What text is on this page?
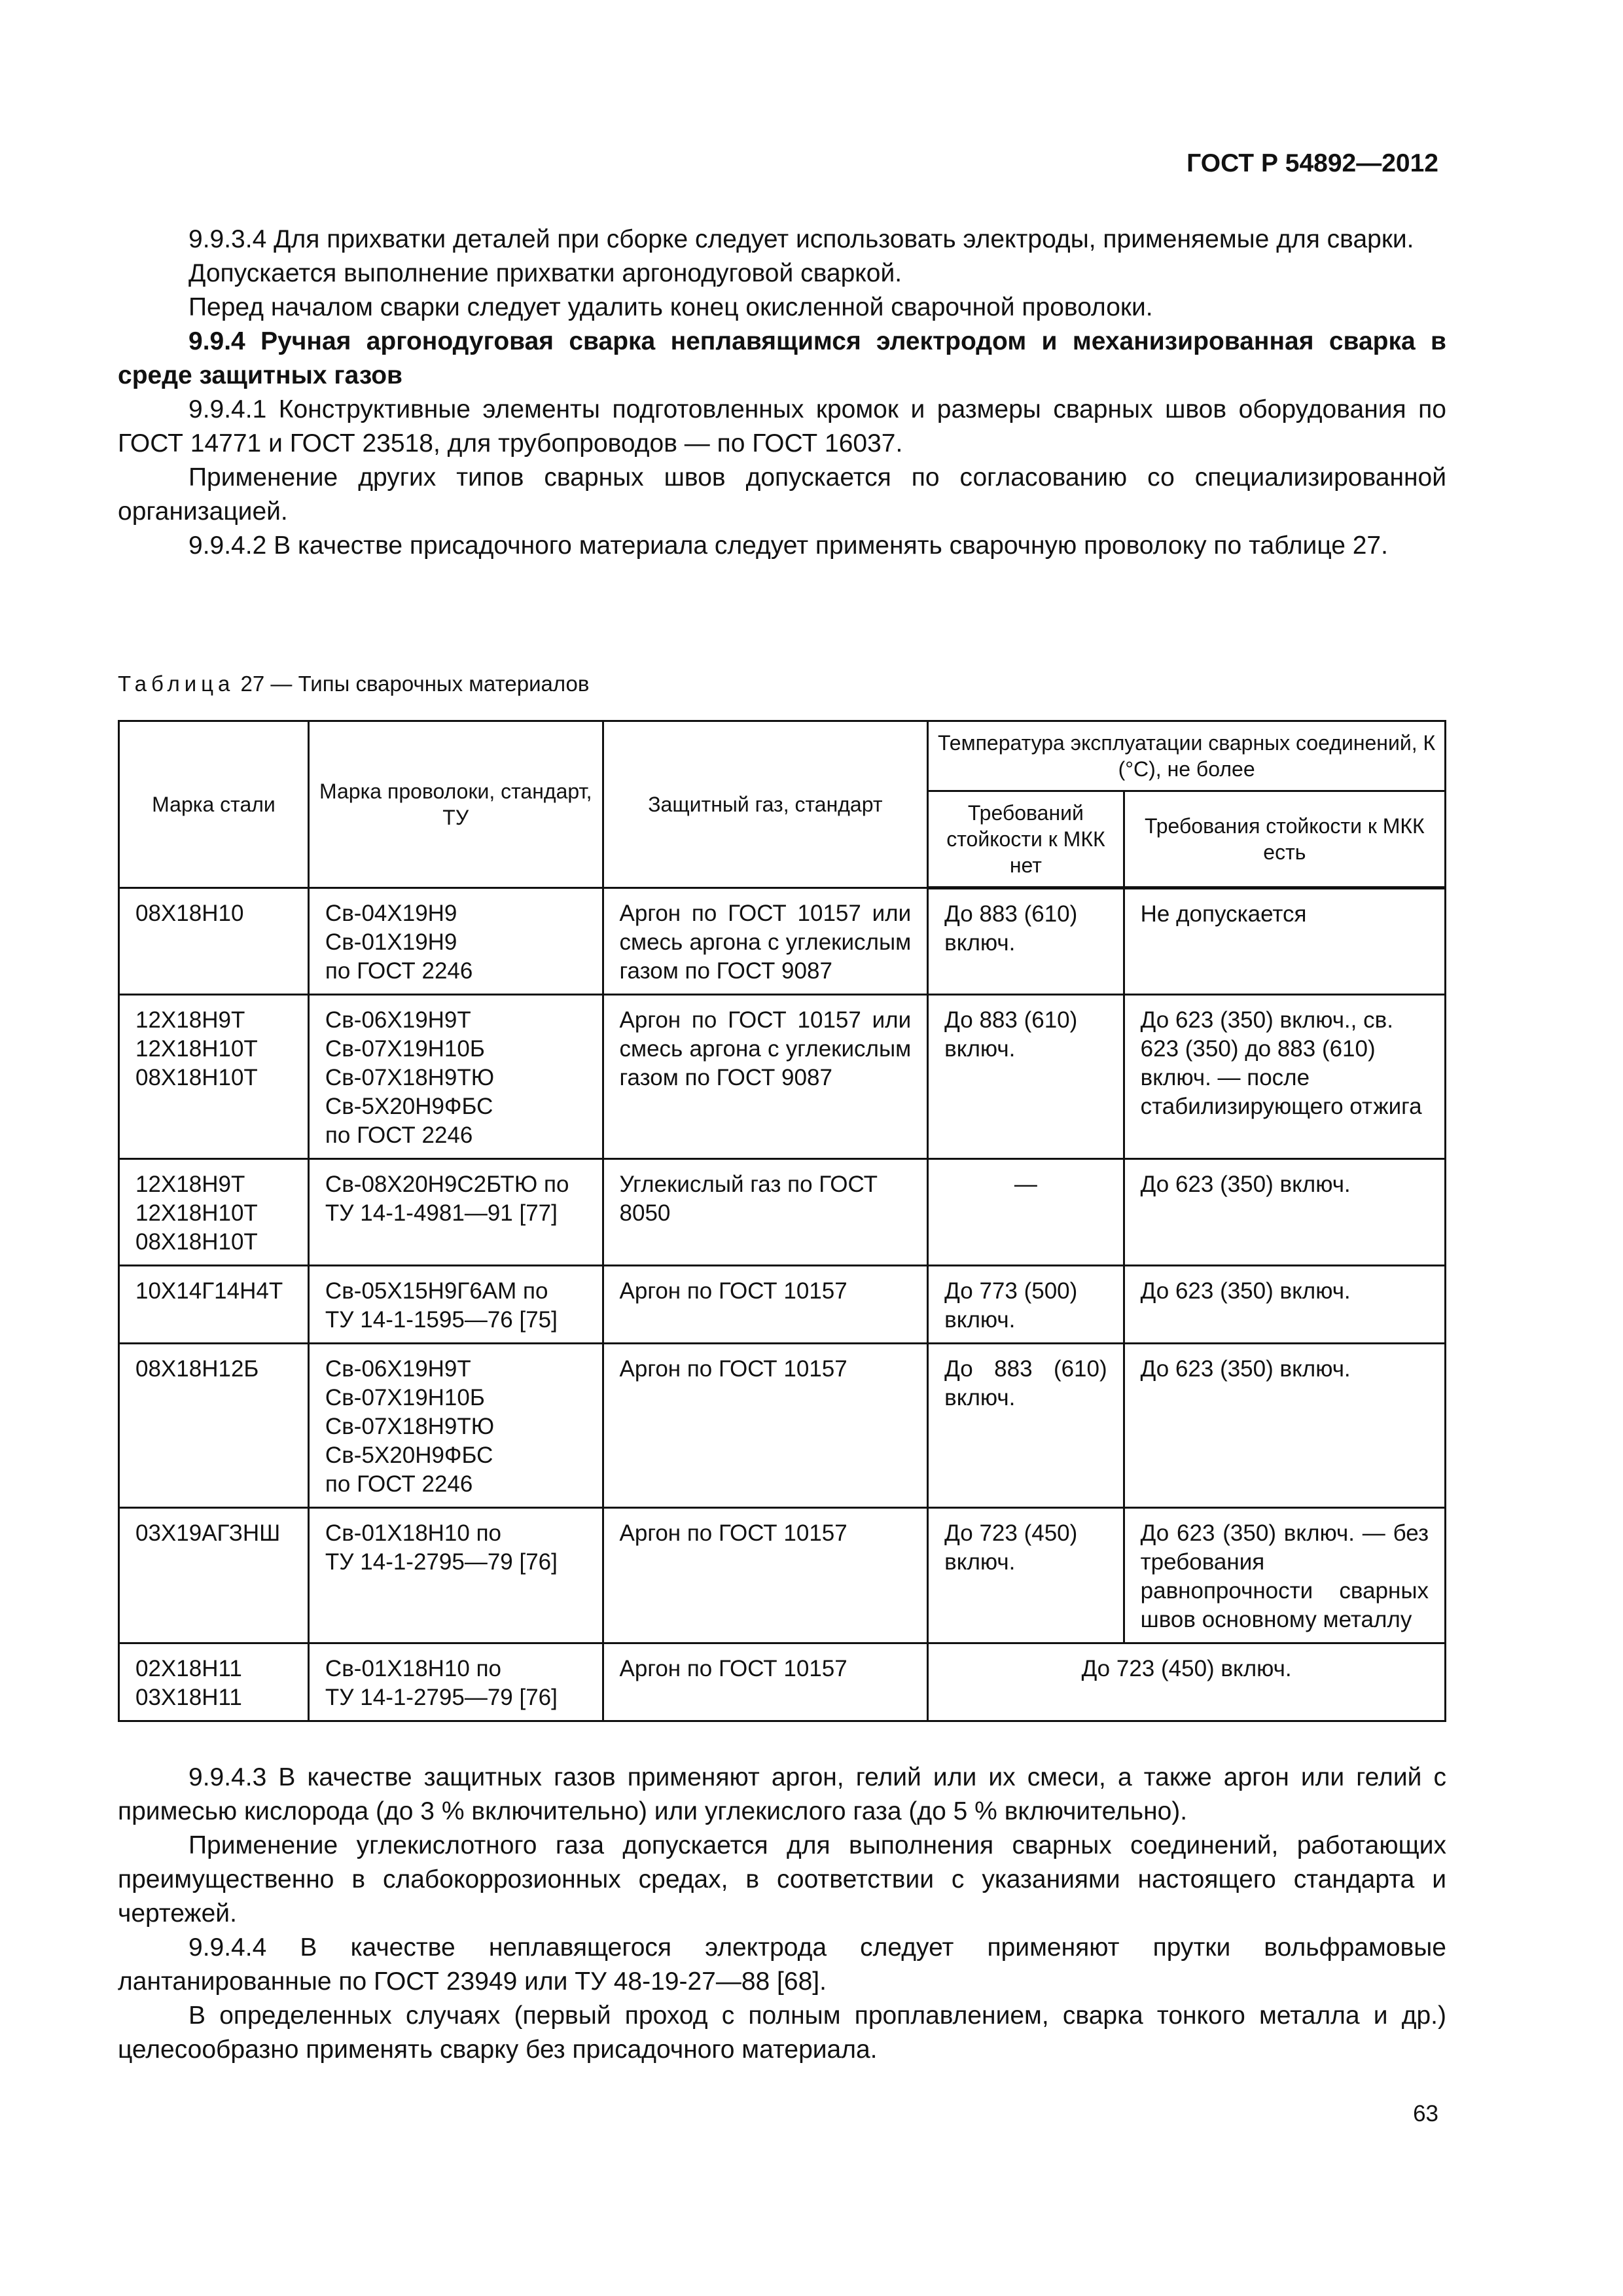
ГОСТ Р 54892—2012

9.9.3.4 Для прихватки деталей при сборке следует использовать электроды, применяемые для сварки.

Допускается выполнение прихватки аргонодуговой сваркой.

Перед началом сварки следует удалить конец окисленной сварочной проволоки.

9.9.4 Ручная аргонодуговая сварка неплавящимся электродом и механизированная сварка в среде защитных газов

9.9.4.1 Конструктивные элементы подготовленных кромок и размеры сварных швов оборудования по ГОСТ 14771 и ГОСТ 23518, для трубопроводов — по ГОСТ 16037.

Применение других типов сварных швов допускается по согласованию со специализированной организацией.

9.9.4.2 В качестве присадочного материала следует применять сварочную проволоку по таблице 27.

Таблица 27 — Типы сварочных материалов
Марка стали	Марка проволоки, стандарт, ТУ	Защитный газ, стандарт	Температура эксплуатации сварных соединений, К (°С), не более	
			Требований стойкости к МКК нет	Требования стойкости к МКК есть

08Х18Н10	Св-04Х19Н9
Св-01Х19Н9
по ГОСТ 2246	Аргон по ГОСТ 10157 или смесь аргона с углекислым газом по ГОСТ 9087	До 883 (610) включ.	Не допускается

12Х18Н9Т
12Х18Н10Т
08Х18Н10Т	Св-06Х19Н9Т
Св-07Х19Н10Б
Св-07Х18Н9ТЮ
Св-5Х20Н9ФБС
по ГОСТ 2246	Аргон по ГОСТ 10157 или смесь аргона с углекислым газом по ГОСТ 9087	До 883 (610) включ.	До 623 (350) включ., св. 623 (350) до 883 (610) включ. — после стабилизирующего отжига

12Х18Н9Т
12Х18Н10Т
08Х18Н10Т	Св-08Х20Н9С2БТЮ по
ТУ 14-1-4981—91 [77]	Углекислый газ по ГОСТ 8050	—	До 623 (350) включ.

10Х14Г14Н4Т	Св-05Х15Н9Г6АМ по
ТУ 14-1-1595—76 [75]	Аргон по ГОСТ 10157	До 773 (500) включ.	До 623 (350) включ.

08Х18Н12Б	Св-06Х19Н9Т
Св-07Х19Н10Б
Св-07Х18Н9ТЮ
Св-5Х20Н9ФБС
по ГОСТ 2246	Аргон по ГОСТ 10157	До 883 (610) включ.	До 623 (350) включ.

03Х19АГЗНШ	Св-01Х18Н10 по
ТУ 14-1-2795—79 [76]	Аргон по ГОСТ 10157	До 723 (450) включ.	До 623 (350) включ. — без требования равнопрочности сварных швов основному металлу

02Х18Н11
03Х18Н11	Св-01Х18Н10 по
ТУ 14-1-2795—79 [76]	Аргон по ГОСТ 10157	До 723 (450) включ.	

9.9.4.3 В качестве защитных газов применяют аргон, гелий или их смеси, а также аргон или гелий с примесью кислорода (до 3 % включительно) или углекислого газа (до 5 % включительно).

Применение углекислотного газа допускается для выполнения сварных соединений, работающих преимущественно в слабокоррозионных средах, в соответствии с указаниями настоящего стандарта и чертежей.

9.9.4.4 В качестве неплавящегося электрода следует применяют прутки вольфрамовые лантанированные по ГОСТ 23949 или ТУ 48-19-27—88 [68].

В определенных случаях (первый проход с полным проплавлением, сварка тонкого металла и др.) целесообразно применять сварку без присадочного материала.

63
